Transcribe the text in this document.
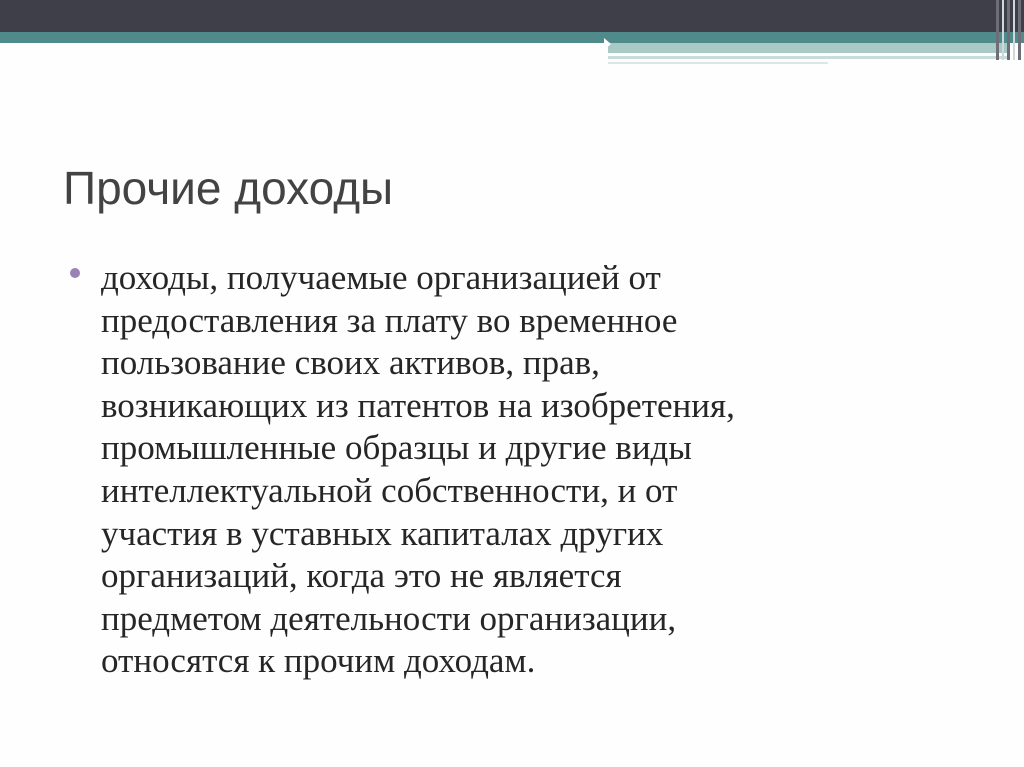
Прочие доходы

доходы, получаемые организацией от
предоставления за плату во временное
пользование своих активов, прав,
возникающих из патентов на изобретения,
промышленные образцы и другие виды
интеллектуальной собственности, и от
участия в уставных капиталах других
организаций, когда это не является
предметом деятельности организации,
относятся к прочим доходам.
